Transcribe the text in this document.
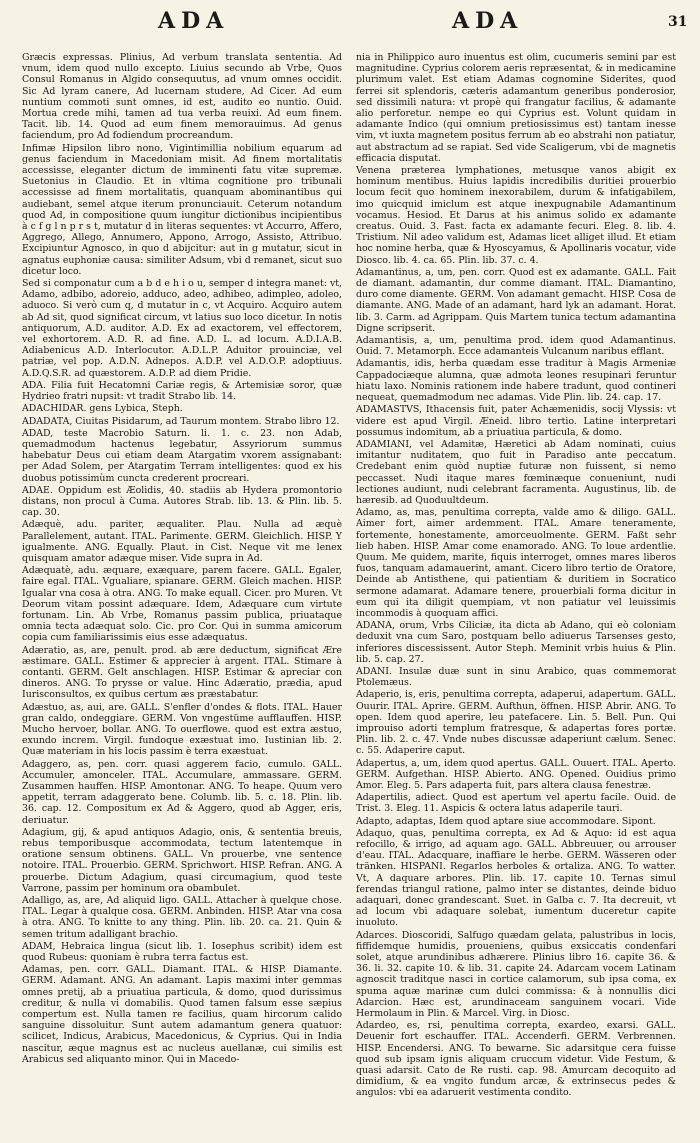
ADA	ADA	31

Græcis expressas. Plinius, Ad verbum translata sententia. Ad vnum, idem quod nullo excepto. Liuius secundo ab Vrbe, Quos Consul Romanus in Algido consequutus, ad vnum omnes occidit. Sic Ad lyram canere, Ad lucernam studere, Ad Cicer. Ad eum nuntium commoti sunt omnes, id est, audito eo nuntio. Ouid. Mortua crede mihi, tamen ad tua verba reuixi. Ad eum finem. Tacit. lib. 14. Quod ad eum finem memorauimus. Ad genus faciendum, pro Ad fodiendum procreandum.

Infimæ Hipsilon libro nono, Vigintimillia nobilium equarum ad genus faciendum in Macedoniam misit. Ad finem mortalitatis accessisse, eleganter dictum de imminenti fatu vitæ supremæ. Suetonius in Claudio. Et in vltima cognitione pro tribunali accessisse ad finem mortalitatis, quanquam abominantibus qui audiebant, semel atque iterum pronunciauit. Ceterum notandum quod Ad, in compositione quum iungitur dictionibus incipientibus à c f g l n p r s t, mutatur d in literas sequentes: vt Accurro, Affero, Aggrego, Allego, Annumero, Appono, Arrogo, Assisto, Attribuo. Excipiuntur Agnosco, in quo d abijcitur: aut in g mutatur, sicut in agnatus euphoniæ causa: similiter Adsum, vbi d remanet, sicut suo dicetur loco.

Sed si componatur cum a b d e h i o u, semper d integra manet: vt, Adamo, adbibo, adoreio, adduco, adeo, adhibeo, adimpleo, adoleo, aduoco. Si verò cum q, d mutatur in c, vt Acquiro. Acquiro autem ab Ad sit, quod significat circum, vt latius suo loco dicetur. In notis antiquorum, A.D. auditor. A.D. Ex ad exactorem, vel effectorem, vel exhortorem. A.D. R. ad fine. A.D. L. ad locum. A.D.I.A.B. Adiabenicus A.D. Interlocutor. A.D.L.P. Aduitor prouinciæ, vel patriæ, vel pop. A.D.N. Adnepos. A.D.P. vel A.D.O.P. adoptiuus. A.D.Q.S.R. ad quæstorem. A.D.P. ad diem Pridie.

ADA. Filia fuit Hecatomni Cariæ regis, & Artemisiæ soror, quæ Hydrieo fratri nupsit: vt tradit Strabo lib. 14.

ADACHIDAR. gens Lybica, Steph.

ADADATA, Ciuitas Pisidarum, ad Taurum montem. Strabo libro 12.

ADAD, teste Macrobio Saturn. li. 1. c. 23. non Adab, quemadmodum hactenus legebatur, Assyriorum summus habebatur Deus cui etiam deam Atargatim vxorem assignabant: per Adad Solem, per Atargatim Terram intelligentes: quod ex his duobus potissimùm cuncta crederent procreari.

ADAE. Oppidum est Æolidis, 40. stadiis ab Hydera promontorio distans, non procul à Cuma. Autores Strab. lib. 13. & Plin. lib. 5. cap. 30.

Adæquè, adu. pariter, æqualiter. Plau. Nulla ad æquè Parallelement, autant. ITAL. Parimente. GERM. Gleichlich. HISP. Y igualmente. ANG. Equally. Plaut. in Cist. Neque vit me lenex quisquam amator adæque miser. Vide supra in Ad.

Adæquatè, adu. æquare, exæquare, parem facere. GALL. Egaler, faire egal. ITAL. Vgualiare, spianare. GERM. Gleich machen. HISP. Igualar vna cosa à otra. ANG. To make equall. Cicer. pro Muren. Vt Deorum vitam possint adæquare. Idem, Adæquare cum virtute fortunam. Lin. Ab Vrbe, Romanus passim publica, priuataque omnia tecta adæquat solo. Cic. pro Cor. Qui in summa amicorum copia cum familiarissimis eius esse adæquatus.

Adæratio, as, are, penult. prod. ab ære deductum, significat Ære æstimare. GALL. Estimer & apprecier à argent. ITAL. Stimare à contanti. GERM. Gelt anschlagen. HISP. Estimar & apreciar con dineros. ANG. To prysse or value. Hinc Adæratio, prædia, apud Iurisconsultos, ex quibus certum æs præstabatur.

Adæstuo, as, aui, are. GALL. S'enfler d'ondes & flots. ITAL. Hauer gran caldo, ondeggiare. GERM. Von vngestüme aufflauffen. HISP. Mucho hervoer, bollar. ANG. To ouerflowe. quod est extra æstuo, exundo increm. Virgil. fundoque exæstuat imo. Iustinian lib. 2. Quæ materiam in his locis passim è terra exæstuat.

Adaggero, as, pen. corr. quasi aggerem facio, cumulo. GALL. Accumuler, amonceler. ITAL. Accumulare, ammassare. GERM. Zusammen hauffen. HISP. Amontonar. ANG. To heape. Quum vero appetit, terram adaggerato bene. Columb. lib. 5. c. 18. Plin. lib. 36. cap. 12. Compositum ex Ad & Aggero, quod ab Agger, eris, deriuatur.

Adagium, gij, & apud antiquos Adagio, onis, & sententia breuis, rebus temporibusque accommodata, tectum latentemque in oratione sensum obtinens. GALL. Vn prouerbe, vne sentence notoire. ITAL. Prouerbio. GERM. Sprichwort. HISP. Refran. ANG. A prouerbe. Dictum Adagium, quasi circumagium, quod teste Varrone, passim per hominum ora obambulet.

Adalligo, as, are, Ad aliquid ligo. GALL. Attacher à quelque chose. ITAL. Legar à qualque cosa. GERM. Anbinden. HISP. Atar vna cosa à otra. ANG. To knitte to any thing. Plin. lib. 20. ca. 21. Quin & semen tritum adalligant brachio.

ADAM, Hebraica lingua (sicut lib. 1. Iosephus scribit) idem est quod Rubeus: quoniam è rubra terra factus est.

Adamas, pen. corr. GALL. Diamant. ITAL. & HISP. Diamante. GERM. Adamant. ANG. An adamant. Lapis maximi inter gemmas omnes pretij, ab a priuatiua particula, & domo, quod durissimus creditur, & nulla vi domabilis. Quod tamen falsum esse sæpius compertum est. Nulla tamen re facilius, quam hircorum calido sanguine dissoluitur. Sunt autem adamantum genera quatuor: scilicet, Indicus, Arabicus, Macedonicus, & Cyprius. Qui in India nascitur, æque magnus est ac nucleus auellanæ, cui similis est Arabicus sed aliquanto minor. Qui in Macedo-

nia in Philippico auro inuentus est olim, cucumeris semini par est magnitudine. Cyprius colorem aeris repræsentat, & in medicamine plurimum valet. Est etiam Adamas cognomine Siderites, quod ferrei sit splendoris, cæteris adamantum generibus ponderosior, sed dissimili natura: vt propè qui frangatur facilius, & adamante alio perforetur. nempe eo qui Cyprius est. Volunt quidam in adamante Indico (qui omnium pretiosissimus est) tantam inesse vim, vt iuxta magnetem positus ferrum ab eo abstrahi non patiatur, aut abstractum ad se rapiat. Sed vide Scaligerum, vbi de magnetis efficacia disputat.

Venena præterea lymphationes, metusque vanos abigit ex hominum mentibus. Huius lapidis incredibilis duritiei prouerbio locum fecit quo hominem inexorabilem, durum & infatigabilem, imo quicquid imiclum est atque inexpugnabile Adamantinum vocamus. Hesiod. Et Darus at his animus solido ex adamante creatus. Ouid. 3. Fast. facta ex adamante fecuri. Eleg. 8. lib. 4. Tristium. Nil adeo validum est, Adamas licet alliget illud. Et etiam hoc nomine herba, quæ & Hyoscyamus, & Apollinaris vocatur, vide Diosco. lib. 4. ca. 65. Plin. lib. 37. c. 4.

Adamantinus, a, um, pen. corr. Quod est ex adamante. GALL. Fait de diamant. adamantin, dur comme diamant. ITAL. Diamantino, duro come diamente. GERM. Von adamant gemacht. HISP. Cosa de diamante. ANG. Made of an adamant, hard lyk an adamant. Horat. lib. 3. Carm. ad Agrippam. Quis Martem tunica tectum adamantina Digne scripserit.

Adamantisis, a, um, penultima prod. idem quod Adamantinus. Ouid. 7. Metamorph. Ecce adamanteis Vulcanum naribus efflant.

Adamantis, idis, herba quædam esse traditur à Magis Armeniæ Cappadociæque alumna, quæ admota leones resupinari feruntur hiatu laxo. Nominis rationem inde habere tradunt, quod contineri nequeat, quemadmodum nec adamas. Vide Plin. lib. 24. cap. 17.

ADAMASTVS, Ithacensis fuit, pater Achæmenidis, socij Vlyssis: vt videre est apud Virgil. Æneid. libro tertio. Latine interpretari possumus indomitum, ab a priuatiua particula, & domo.

ADAMIANI, vel Adamitæ, Hæretici ab Adam nominati, cuius imitantur nuditatem, quo fuit in Paradiso ante peccatum. Credebant enim quòd nuptiæ futuræ non fuissent, si nemo peccasset. Nudi itaque mares fœminæque conueniunt, nudi lectiones audiunt, nudi celebrant facramenta. Augustinus, lib. de hæresib. ad Quoduultdeum.

Adamo, as, mas, penultima correpta, valde amo & diligo. GALL. Aimer fort, aimer ardemment. ITAL. Amare teneramente, fortemente, honestamente, amorceuolmente. GERM. Faßt sehr lieb haben. HISP. Amar come enamorado. ANG. To loue ardentlie. Quum. Me quidem, marite, fiquis interroget, omnes mares liberos fuos, tanquam adamauerint, amant. Cicero libro tertio de Oratore, Deinde ab Antisthene, qui patientiam & duritiem in Socratico sermone adamarat. Adamare tenere, prouerbiali forma dicitur in eum qui ita diligit quempiam, vt non patiatur vel leuissimis incommodis à quoquam affici.

ADANA, orum, Vrbs Ciliciæ, ita dicta ab Adano, qui eò coloniam deduxit vna cum Saro, postquam bello adiuerus Tarsenses gesto, inferiores discessissent. Autor Steph. Meminit vrbis huius & Plin. lib. 5. cap. 27.

ADANI. Insulæ duæ sunt in sinu Arabico, quas commemorat Ptolemæus.

Adaperio, is, eris, penultima correpta, adaperui, adapertum. GALL. Ouurir. ITAL. Aprire. GERM. Aufthun, öffnen. HISP. Abrir. ANG. To open. Idem quod aperire, leu patefacere. Lin. 5. Bell. Pun. Qui improuiso adorti templum fratresque, & adapertas fores portæ. Plin. lib. 2. c. 47. Vnde nubes discussæ adaperiunt cælum. Senec. c. 55. Adaperire caput.

Adapertus, a, um, idem quod apertus. GALL. Ouuert. ITAL. Aperto. GERM. Aufgethan. HISP. Abierto. ANG. Opened. Ouidius primo Amor. Eleg. 5. Pars adaperta fuit, pars altera clausa fenestræ.

Adapertilis, adiect. Quod est apertum vel apertu facile. Ouid. de Trist. 3. Eleg. 11. Aspicis & octera latus adaperile tauri.

Adapto, adaptas, Idem quod aptare siue accommodare. Sipont.

Adaquo, quas, penultima correpta, ex Ad & Aquo: id est aqua refocillo, & irrigo, ad aquam ago. GALL. Abbreuuer, ou arrouser d'eau. ITAL. Adacquare, inaffiare le herbe. GERM. Wässeren oder tränken. HISPANI. Regarlos herboles & ortaliza. ANG. To watter. Vt, A daquare arbores. Plin. lib. 17. capite 10. Ternas simul ferendas triangul ratione, palmo inter se distantes, deinde biduo adaquari, donec grandescant. Suet. in Galba c. 7. Ita decreuit, vt ad locum vbi adaquare solebat, iumentum duceretur capite inuoluto.

Adarces. Dioscoridi, Salfugo quædam gelata, palustribus in locis, fiffidemque humidis, proueniens, quibus exsiccatis condenfari solet, atque arundinibus adhærere. Plinius libro 16. capite 36. & 36. li. 32. capite 10. & lib. 31. capite 24. Adarcam vocem Latinam agnoscit traditque nasci in cortice calamorum, sub ipsa coma, ex spuma aquæ marinæ cum dulci commissa: & à nonnullis dici Adarcion. Hæc est, arundinaceam sanguinem vocari. Vide Hermolaum in Plin. & Marcel. Virg. in Diosc.

Adardeo, es, rsi, penultima correpta, exardeo, exarsi. GALL. Deuenir fort eschauffer. ITAL. Accenderfi. GERM. Verbrennen. HISP. Encendersi. ANG. To bewarne. Sic adarsitque cera fuisse quod sub ipsam ignis aliquam cruccum videtur. Vide Festum, & quasi adarsit. Cato de Re rusti. cap. 98. Amurcam decoquito ad dimidium, & ea vngito fundum arcæ, & extrinsecus pedes & angulos: vbi ea adaruerit vestimenta condito.
